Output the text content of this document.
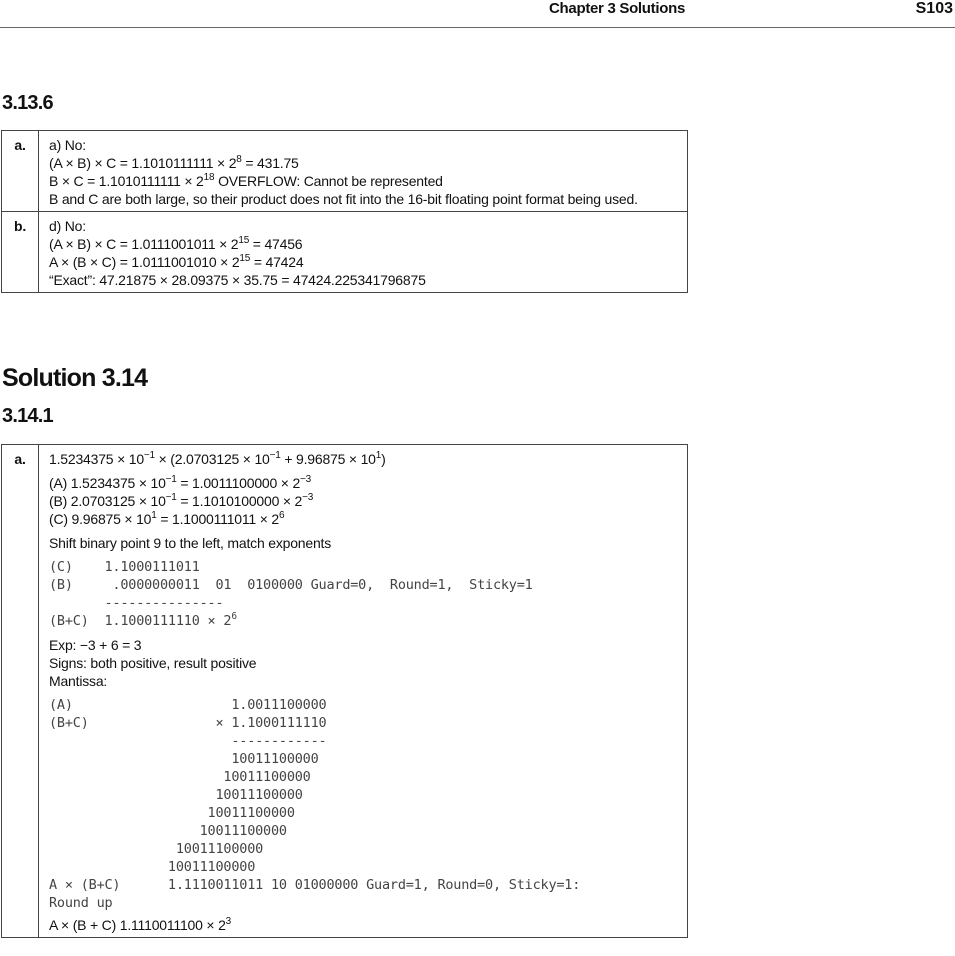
Chapter 3 Solutions	S103
3.13.6
a.	a) No:
$(A \times B) \times C = 1.1010111111 \times 2^8 = 431.75$
$B \times C = 1.1010111111 \times 2^{18}$ OVERFLOW: Cannot be represented
B and C are both large, so their product does not fit into the 16-bit floating point format being used.

b.	d) No:
$(A \times B) \times C = 1.0111001011 \times 2^{15} = 47456$
$A \times (B \times C) = 1.0111001010 \times 2^{15} = 47424$
“Exact”: 47.21875 × 28.09375 × 35.75 = 47424.225341796875
Solution 3.14
3.14.1
a.	$1.5234375 \times 10^{-1} \times (2.0703125 \times 10^{-1} + 9.96875 \times 10^1)$
(A) $1.5234375 \times 10^{-1} = 1.0011100000 \times 2^{-3}$
(B) $2.0703125 \times 10^{-1} = 1.1010100000 \times 2^{-3}$
(C) $9.96875 \times 10^1 = 1.1000111011 \times 2^6$
Shift binary point 9 to the left, match exponents
(C)    1.1000111011
(B)     .0000000011  01  0100000 Guard=0,  Round=1,  Sticky=1
---------------
(B+C)  $1.1000111110 \times 2^6$
Exp: −3 + 6 = 3
Signs: both positive, result positive
Mantissa:
(A)                    1.0011100000
(B+C)                × 1.1000111110
------------
10011100000
10011100000
10011100000
10011100000
10011100000
10011100000
10011100000
A × (B+C)      1.1110011011 10 01000000 Guard=1, Round=0, Sticky=1:
Round up
A × (B + C) $1.1110011100 \times 2^3$
